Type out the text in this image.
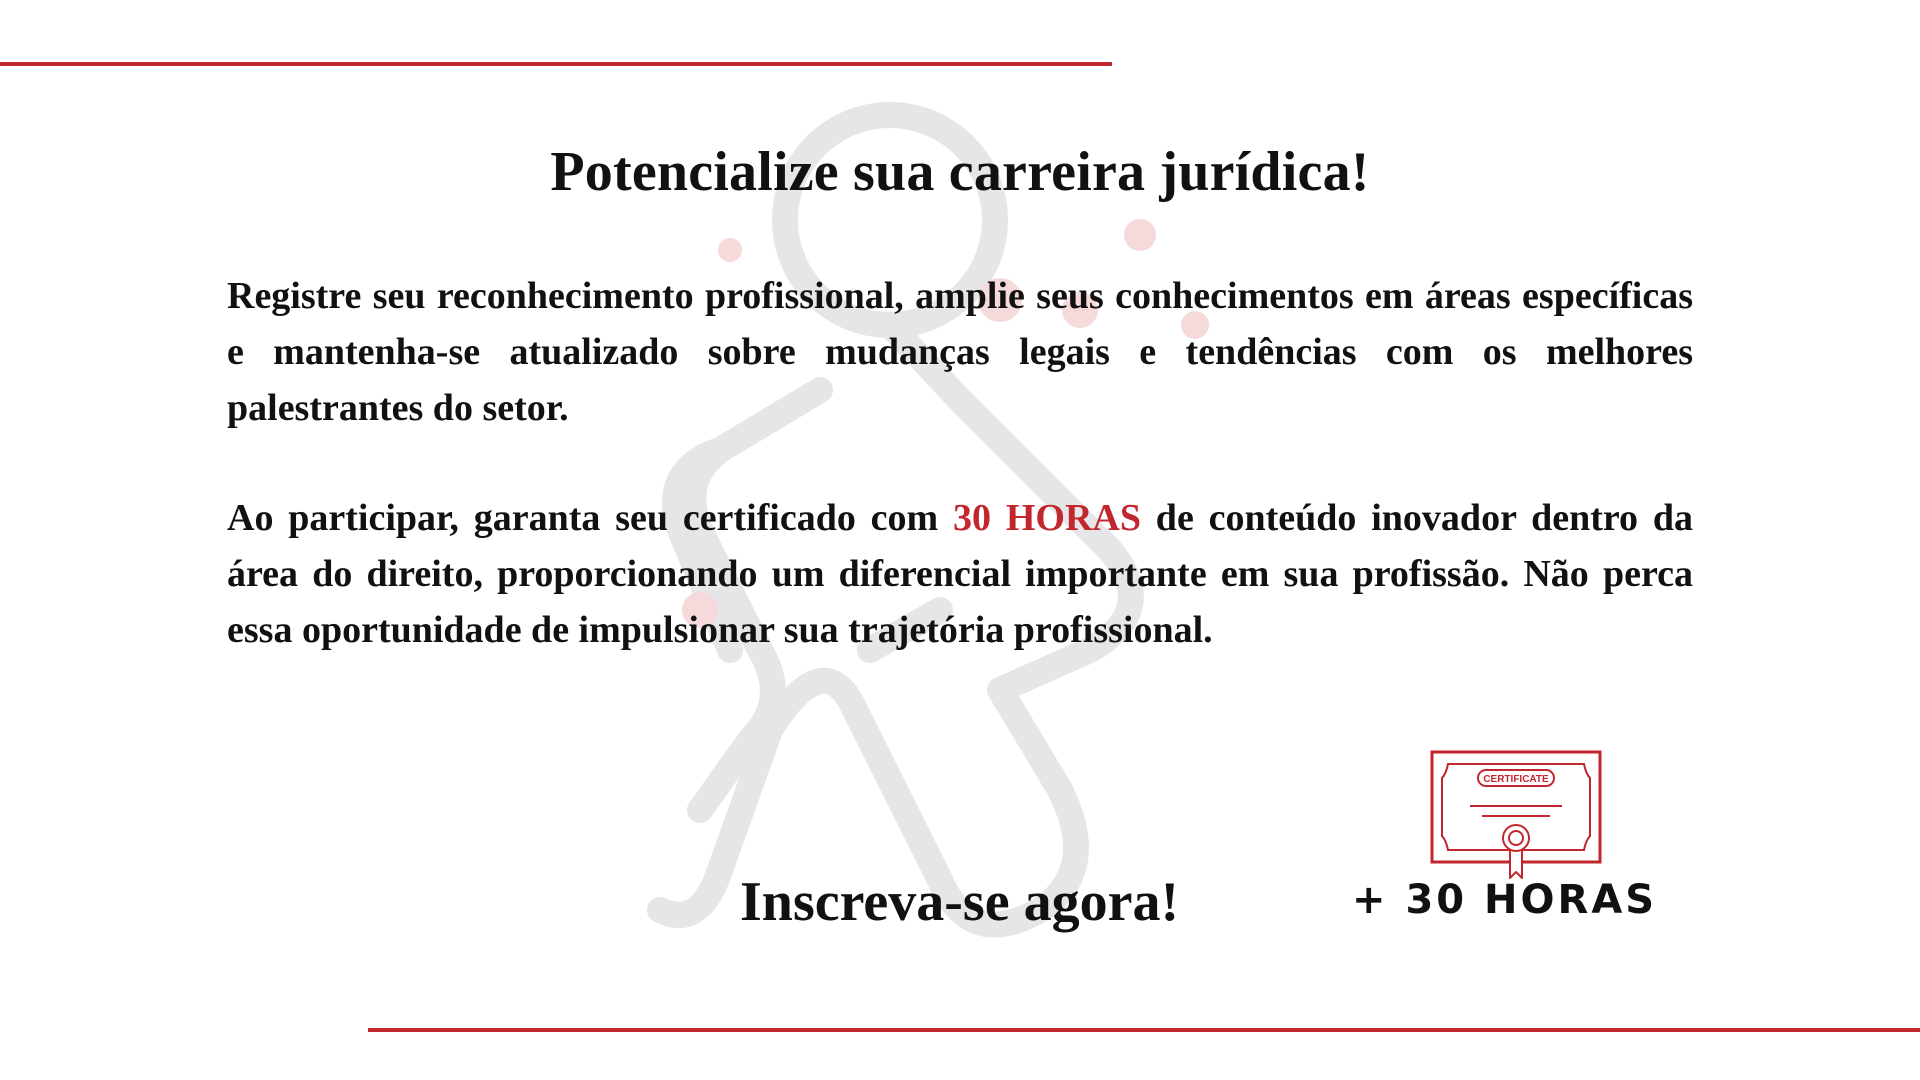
Potencialize sua carreira jurídica!
Registre seu reconhecimento profissional, amplie seus conhecimentos em áreas específicas e mantenha-se atualizado sobre mudanças legais e tendências com os melhores palestrantes do setor.
Ao participar, garanta seu certificado com 30 HORAS de conteúdo inovador dentro da área do direito, proporcionando um diferencial importante em sua profissão. Não perca essa oportunidade de impulsionar sua trajetória profissional.
Inscreva-se agora!
CERTIFICATE
+ 30 HORAS
